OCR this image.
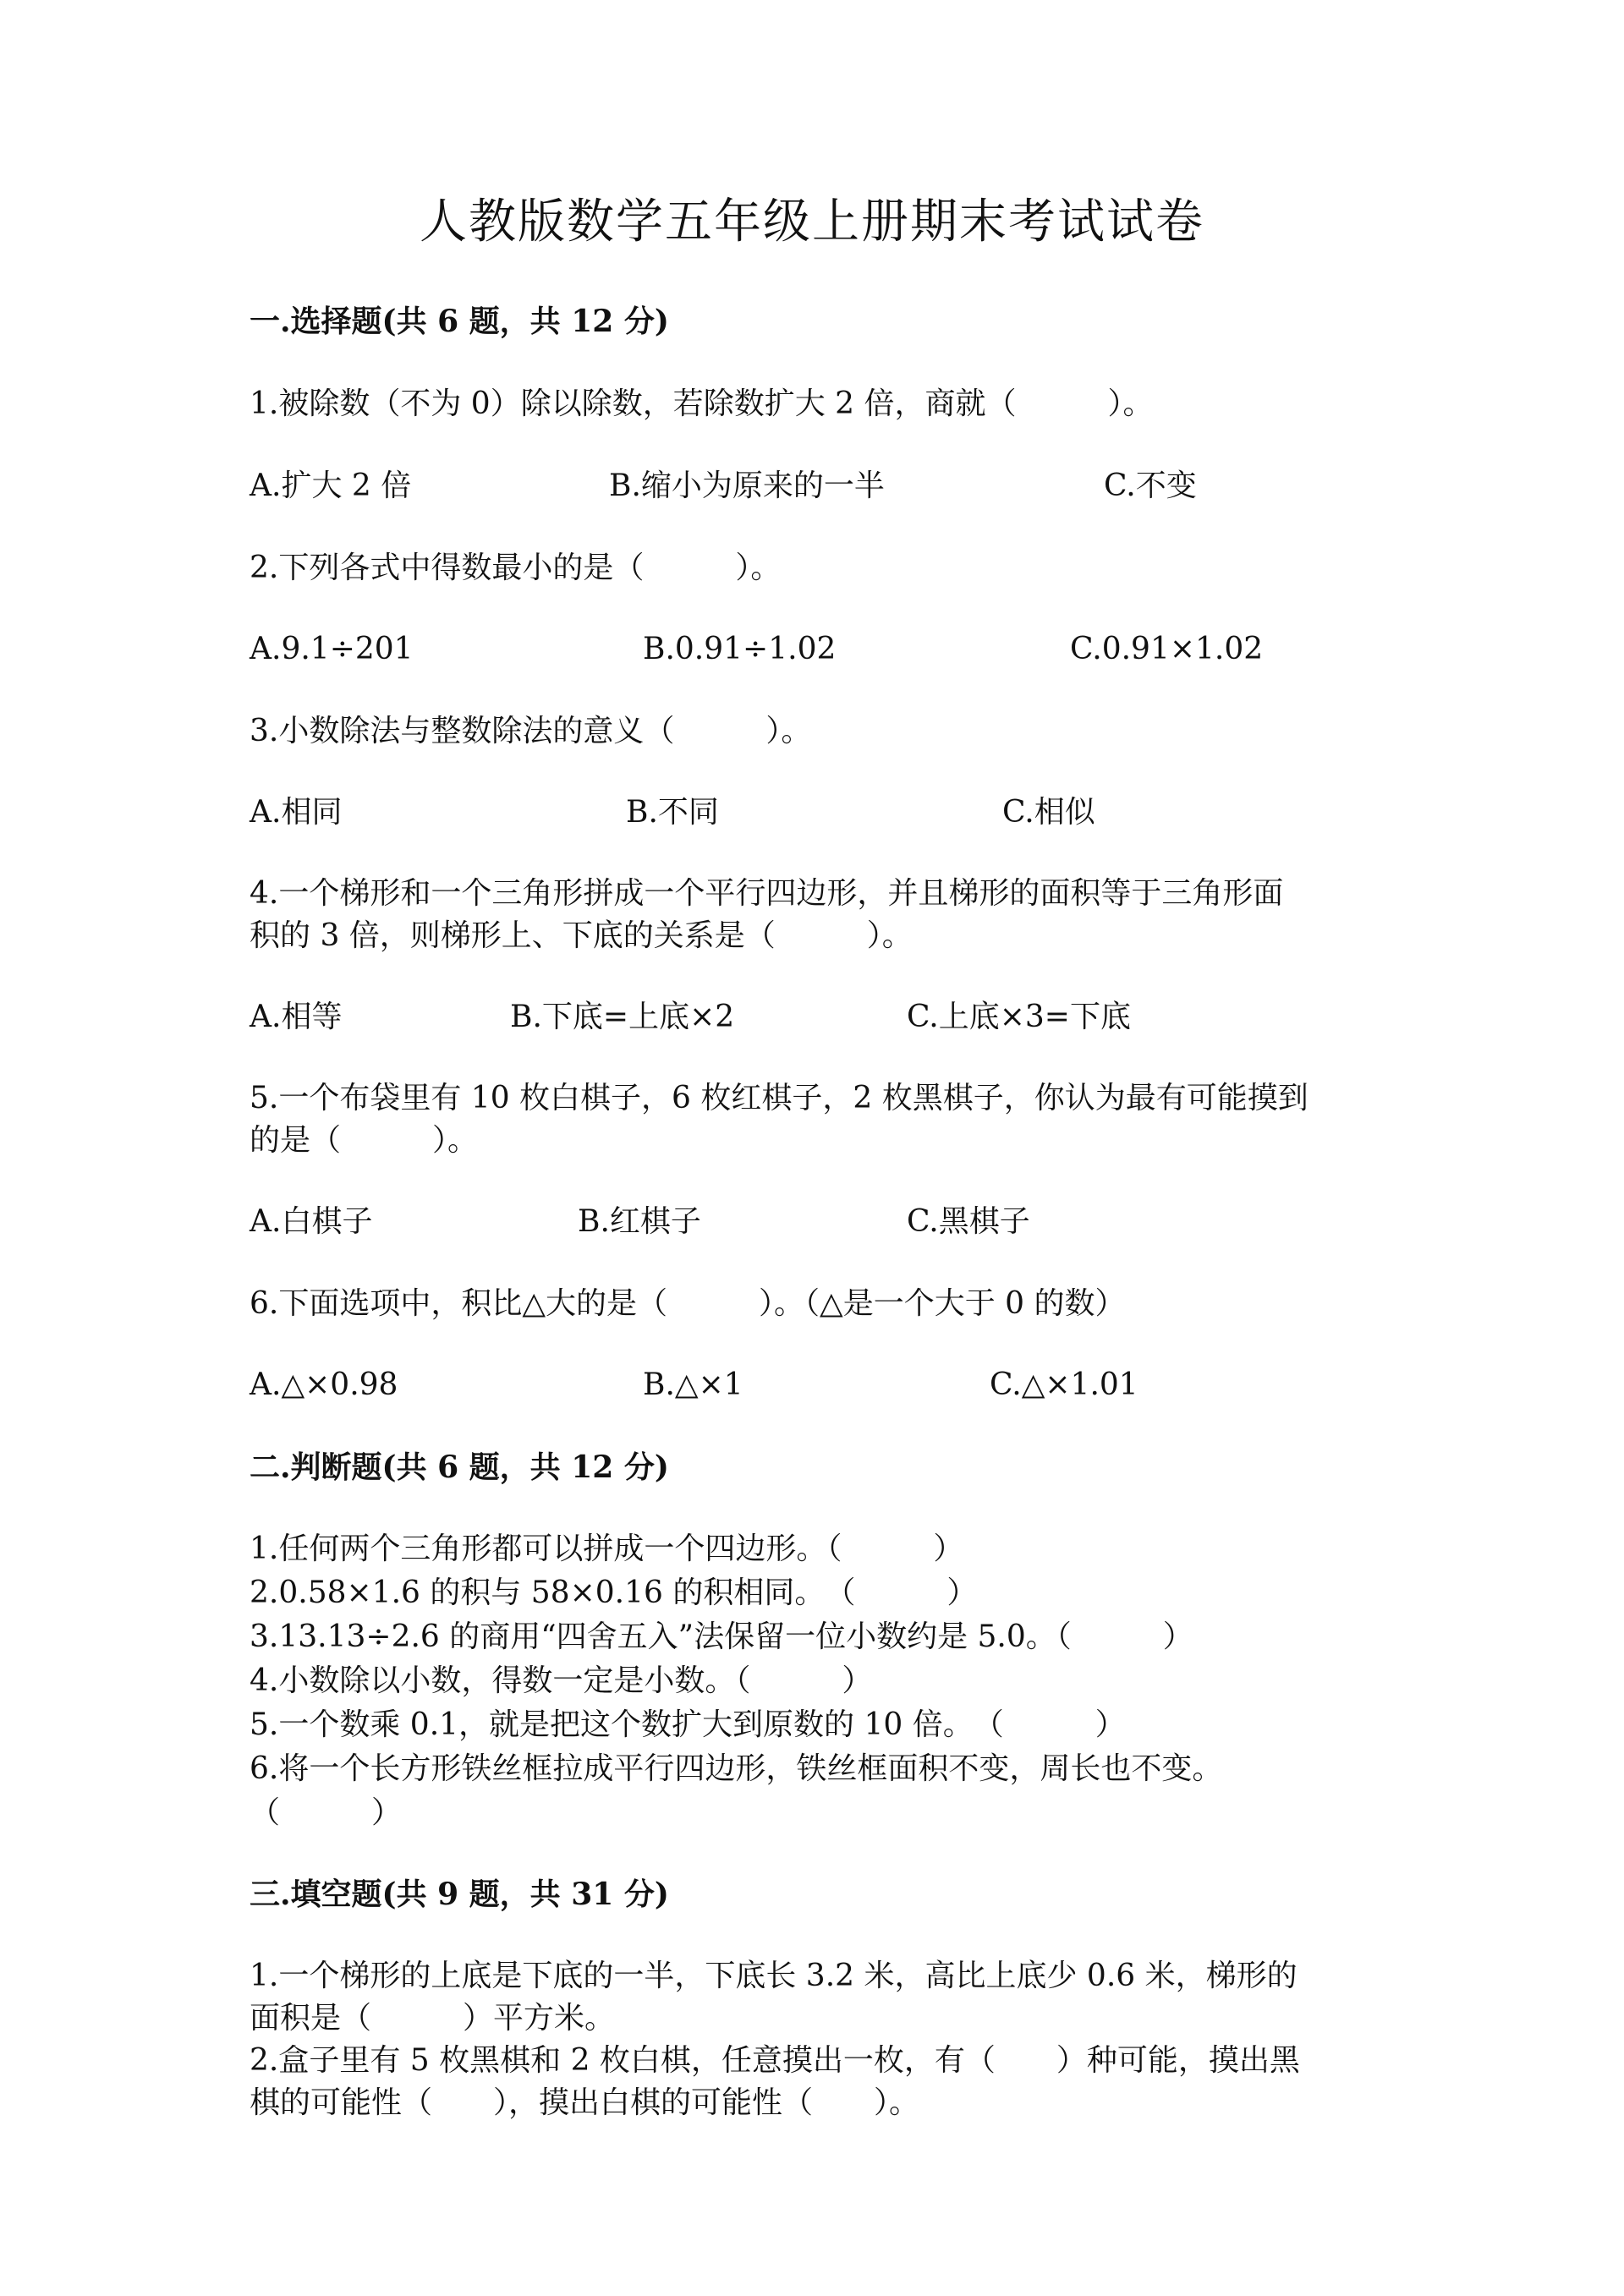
人教版数学五年级上册期末考试试卷
一.选择题(共 6 题，共 12 分)
1.被除数（不为 0）除以除数，若除数扩大 2 倍，商就（　　　）。
A.扩大 2 倍	B.缩小为原来的一半	C.不变
2.下列各式中得数最小的是（　　　）。
A.9.1÷201	B.0.91÷1.02	C.0.91×1.02
3.小数除法与整数除法的意义（　　　）。
A.相同	B.不同	C.相似
4.一个梯形和一个三角形拼成一个平行四边形，并且梯形的面积等于三角形面
积的 3 倍，则梯形上、下底的关系是（　　　）。
A.相等	B.下底=上底×2	C.上底×3=下底
5.一个布袋里有 10 枚白棋子，6 枚红棋子，2 枚黑棋子，你认为最有可能摸到
的是（　　　）。
A.白棋子	B.红棋子	C.黑棋子
6.下面选项中，积比△大的是（　　　）。（△是一个大于 0 的数）
A.△×0.98	B.△×1	C.△×1.01
二.判断题(共 6 题，共 12 分)
1.任何两个三角形都可以拼成一个四边形。（　　　）
2.0.58×1.6 的积与 58×0.16 的积相同。　（　　　）
3.13.13÷2.6 的商用“四舍五入”法保留一位小数约是 5.0。（　　　）
4.小数除以小数，得数一定是小数。（　　　）
5.一个数乘 0.1，就是把这个数扩大到原数的 10 倍。　（　　　）
6.将一个长方形铁丝框拉成平行四边形，铁丝框面积不变，周长也不变。
（　　　）
三.填空题(共 9 题，共 31 分)
1.一个梯形的上底是下底的一半，下底长 3.2 米，高比上底少 0.6 米，梯形的
面积是（　　　）平方米。
2.盒子里有 5 枚黑棋和 2 枚白棋，任意摸出一枚，有（　　）种可能，摸出黑
棋的可能性（　　），摸出白棋的可能性（　　）。
